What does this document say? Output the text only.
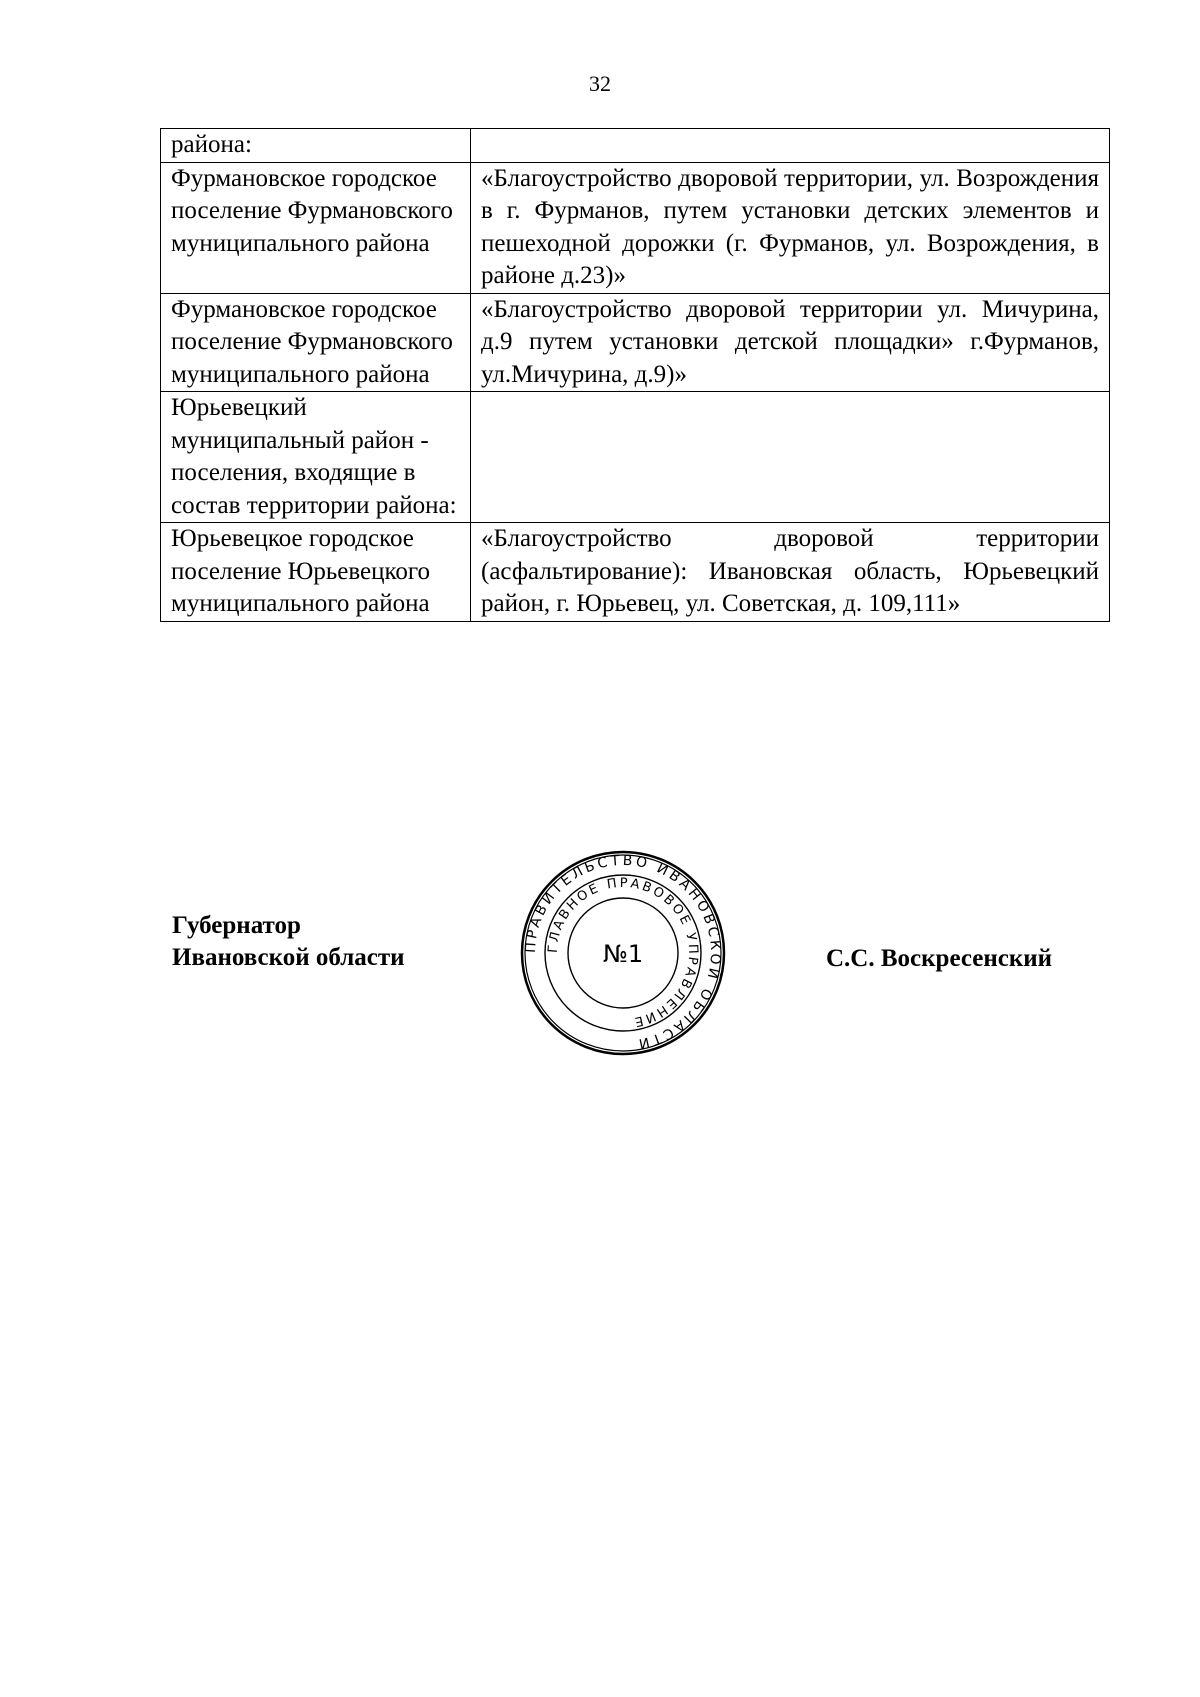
32
района:	
Фурмановское городское поселение Фурмановского муниципального района	«Благоустройство дворовой территории, ул. Возрождения в г. Фурманов, путем установки детских элементов и пешеходной дорожки (г. Фурманов, ул. Возрождения, в районе д.23)»
Фурмановское городское поселение Фурмановского муниципального района	«Благоустройство дворовой территории ул. Мичурина, д.9 путем установки детской площадки» г.Фурманов, ул.Мичурина, д.9)»
Юрьевецкий муниципальный район - поселения, входящие в состав территории района:	
Юрьевецкое городское поселение Юрьевецкого муниципального района	«Благоустройство дворовой территории (асфальтирование): Ивановская область, Юрьевецкий район, г. Юрьевец, ул. Советская, д. 109,111»
Губернатор
Ивановской области	С.С. Воскресенский
ПРАВИТЕЛЬСТВО ИВАНОВСКОЙ ОБЛАСТИ
ГЛАВНОЕ ПРАВОВОЕ УПРАВЛЕНИЕ
№1
